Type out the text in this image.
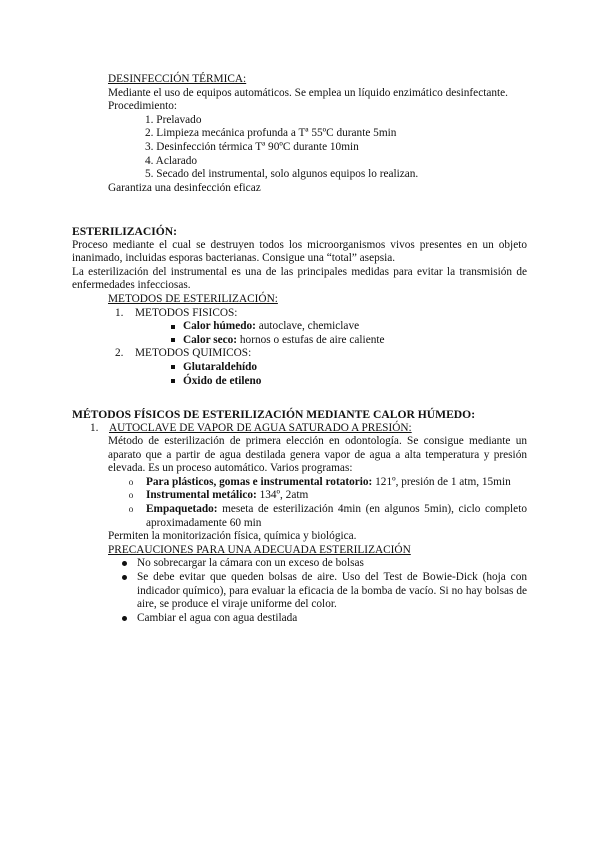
DESINFECCIÓN TÉRMICA:

Mediante el uso de equipos automáticos. Se emplea un líquido enzimático desinfectante.

Procedimiento:

1. Prelavado

2. Limpieza mecánica profunda a Tª 55ºC durante 5min

3. Desinfección térmica Tª 90ºC durante 10min

4. Aclarado

5. Secado del instrumental, solo algunos equipos lo realizan.

Garantiza una desinfección eficaz

ESTERILIZACIÓN:

Proceso mediante el cual se destruyen todos los microorganismos vivos presentes en un objeto inanimado, incluidas esporas bacterianas. Consigue una “total” asepsia.

La esterilización del instrumental es una de las principales medidas para evitar la transmisión de enfermedades infecciosas.

METODOS DE ESTERILIZACIÓN:

1.	METODOS FISICOS:
Calor húmedo: autoclave, chemiclave
Calor seco: hornos o estufas de aire caliente
2.	METODOS QUIMICOS:
Glutaraldehído
Óxido de etileno

MÉTODOS FÍSICOS DE ESTERILIZACIÓN MEDIANTE CALOR HÚMEDO:

1. AUTOCLAVE DE VAPOR DE AGUA SATURADO A PRESIÓN:

Método de esterilización de primera elección en odontología. Se consigue mediante un aparato que a partir de agua destilada genera vapor de agua a alta temperatura y presión elevada. Es un proceso automático. Varios programas:

o	Para plásticos, gomas e instrumental rotatorio: 121º, presión de 1 atm, 15min
o	Instrumental metálico: 134º, 2atm
o	Empaquetado: meseta de esterilización 4min (en algunos 5min), ciclo completo aproximadamente 60 min

Permiten la monitorización física, química y biológica.

PRECAUCIONES PARA UNA ADECUADA ESTERILIZACIÓN

No sobrecargar la cámara con un exceso de bolsas
Se debe evitar que queden bolsas de aire. Uso del Test de Bowie-Dick (hoja con indicador químico), para evaluar la eficacia de la bomba de vacío. Si no hay bolsas de aire, se produce el viraje uniforme del color.
Cambiar el agua con agua destilada
